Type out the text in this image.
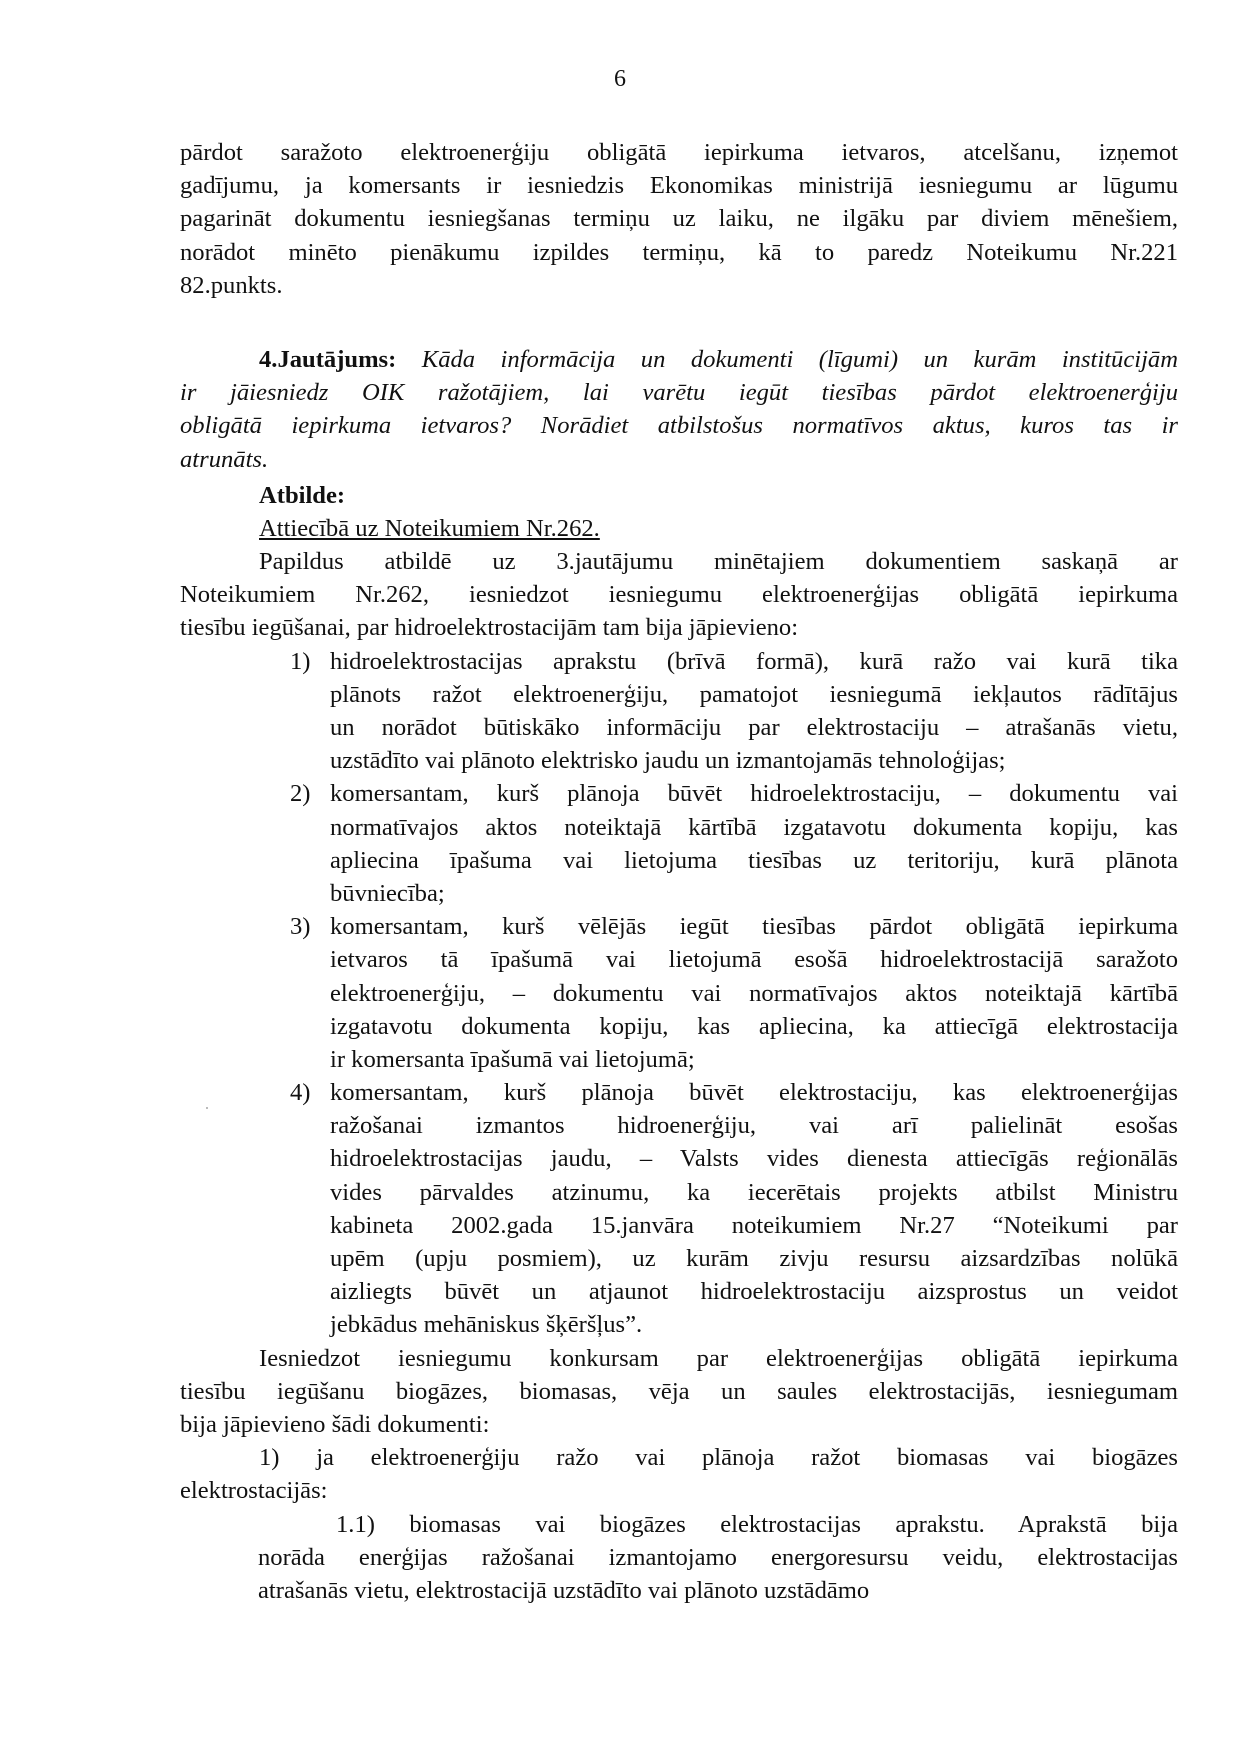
6
pārdot saražoto elektroenerģiju obligātā iepirkuma ietvaros, atcelšanu, izņemot
gadījumu, ja komersants ir iesniedzis Ekonomikas ministrijā iesniegumu ar lūgumu
pagarināt dokumentu iesniegšanas termiņu uz laiku, ne ilgāku par diviem mēnešiem,
norādot minēto pienākumu izpildes termiņu, kā to paredz Noteikumu Nr.221
82.punkts.
4.Jautājums: Kāda informācija un dokumenti (līgumi) un kurām institūcijām
ir jāiesniedz OIK ražotājiem, lai varētu iegūt tiesības pārdot elektroenerģiju
obligātā iepirkuma ietvaros? Norādiet atbilstošus normatīvos aktus, kuros tas ir
atrunāts.
Atbilde:
Attiecībā uz Noteikumiem Nr.262.
Papildus atbildē uz 3.jautājumu minētajiem dokumentiem saskaņā ar
Noteikumiem Nr.262, iesniedzot iesniegumu elektroenerģijas obligātā iepirkuma
tiesību iegūšanai, par hidroelektrostacijām tam bija jāpievieno:
1) hidroelektrostacijas aprakstu (brīvā formā), kurā ražo vai kurā tika
plānots ražot elektroenerģiju, pamatojot iesniegumā iekļautos rādītājus
un norādot būtiskāko informāciju par elektrostaciju – atrašanās vietu,
uzstādīto vai plānoto elektrisko jaudu un izmantojamās tehnoloģijas;
2) komersantam, kurš plānoja būvēt hidroelektrostaciju, – dokumentu vai
normatīvajos aktos noteiktajā kārtībā izgatavotu dokumenta kopiju, kas
apliecina īpašuma vai lietojuma tiesības uz teritoriju, kurā plānota
būvniecība;
3) komersantam, kurš vēlējās iegūt tiesības pārdot obligātā iepirkuma
ietvaros tā īpašumā vai lietojumā esošā hidroelektrostacijā saražoto
elektroenerģiju, – dokumentu vai normatīvajos aktos noteiktajā kārtībā
izgatavotu dokumenta kopiju, kas apliecina, ka attiecīgā elektrostacija
ir komersanta īpašumā vai lietojumā;
4) komersantam, kurš plānoja būvēt elektrostaciju, kas elektroenerģijas
ražošanai izmantos hidroenerģiju, vai arī palielināt esošas
hidroelektrostacijas jaudu, – Valsts vides dienesta attiecīgās reģionālās
vides pārvaldes atzinumu, ka iecerētais projekts atbilst Ministru
kabineta 2002.gada 15.janvāra noteikumiem Nr.27 “Noteikumi par
upēm (upju posmiem), uz kurām zivju resursu aizsardzības nolūkā
aizliegts būvēt un atjaunot hidroelektrostaciju aizsprostus un veidot
jebkādus mehāniskus šķēršļus”.
Iesniedzot iesniegumu konkursam par elektroenerģijas obligātā iepirkuma
tiesību iegūšanu biogāzes, biomasas, vēja un saules elektrostacijās, iesniegumam
bija jāpievieno šādi dokumenti:
1) ja elektroenerģiju ražo vai plānoja ražot biomasas vai biogāzes
elektrostacijās:
1.1) biomasas vai biogāzes elektrostacijas aprakstu. Aprakstā bija
norāda enerģijas ražošanai izmantojamo energoresursu veidu, elektrostacijas
atrašanās vietu, elektrostacijā uzstādīto vai plānoto uzstādāmo
